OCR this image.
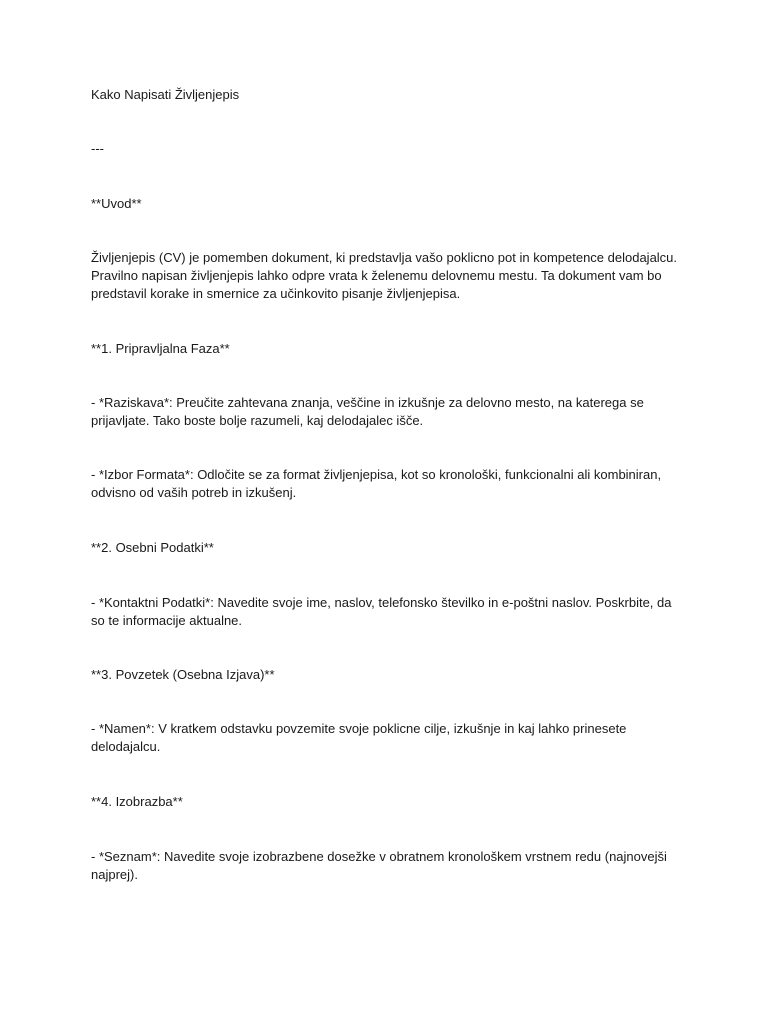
Kako Napisati Življenjepis

---

**Uvod**

Življenjepis (CV) je pomemben dokument, ki predstavlja vašo poklicno pot in kompetence delodajalcu. Pravilno napisan življenjepis lahko odpre vrata k želenemu delovnemu mestu. Ta dokument vam bo predstavil korake in smernice za učinkovito pisanje življenjepisa.

**1. Pripravljalna Faza**

- *Raziskava*: Preučite zahtevana znanja, veščine in izkušnje za delovno mesto, na katerega se prijavljate. Tako boste bolje razumeli, kaj delodajalec išče.

- *Izbor Formata*: Odločite se za format življenjepisa, kot so kronološki, funkcionalni ali kombiniran, odvisno od vaših potreb in izkušenj.

**2. Osebni Podatki**

- *Kontaktni Podatki*: Navedite svoje ime, naslov, telefonsko številko in e-poštni naslov. Poskrbite, da so te informacije aktualne.

**3. Povzetek (Osebna Izjava)**

- *Namen*: V kratkem odstavku povzemite svoje poklicne cilje, izkušnje in kaj lahko prinesete delodajalcu.

**4. Izobrazba**

- *Seznam*: Navedite svoje izobrazbene dosežke v obratnem kronološkem vrstnem redu (najnovejši najprej).
